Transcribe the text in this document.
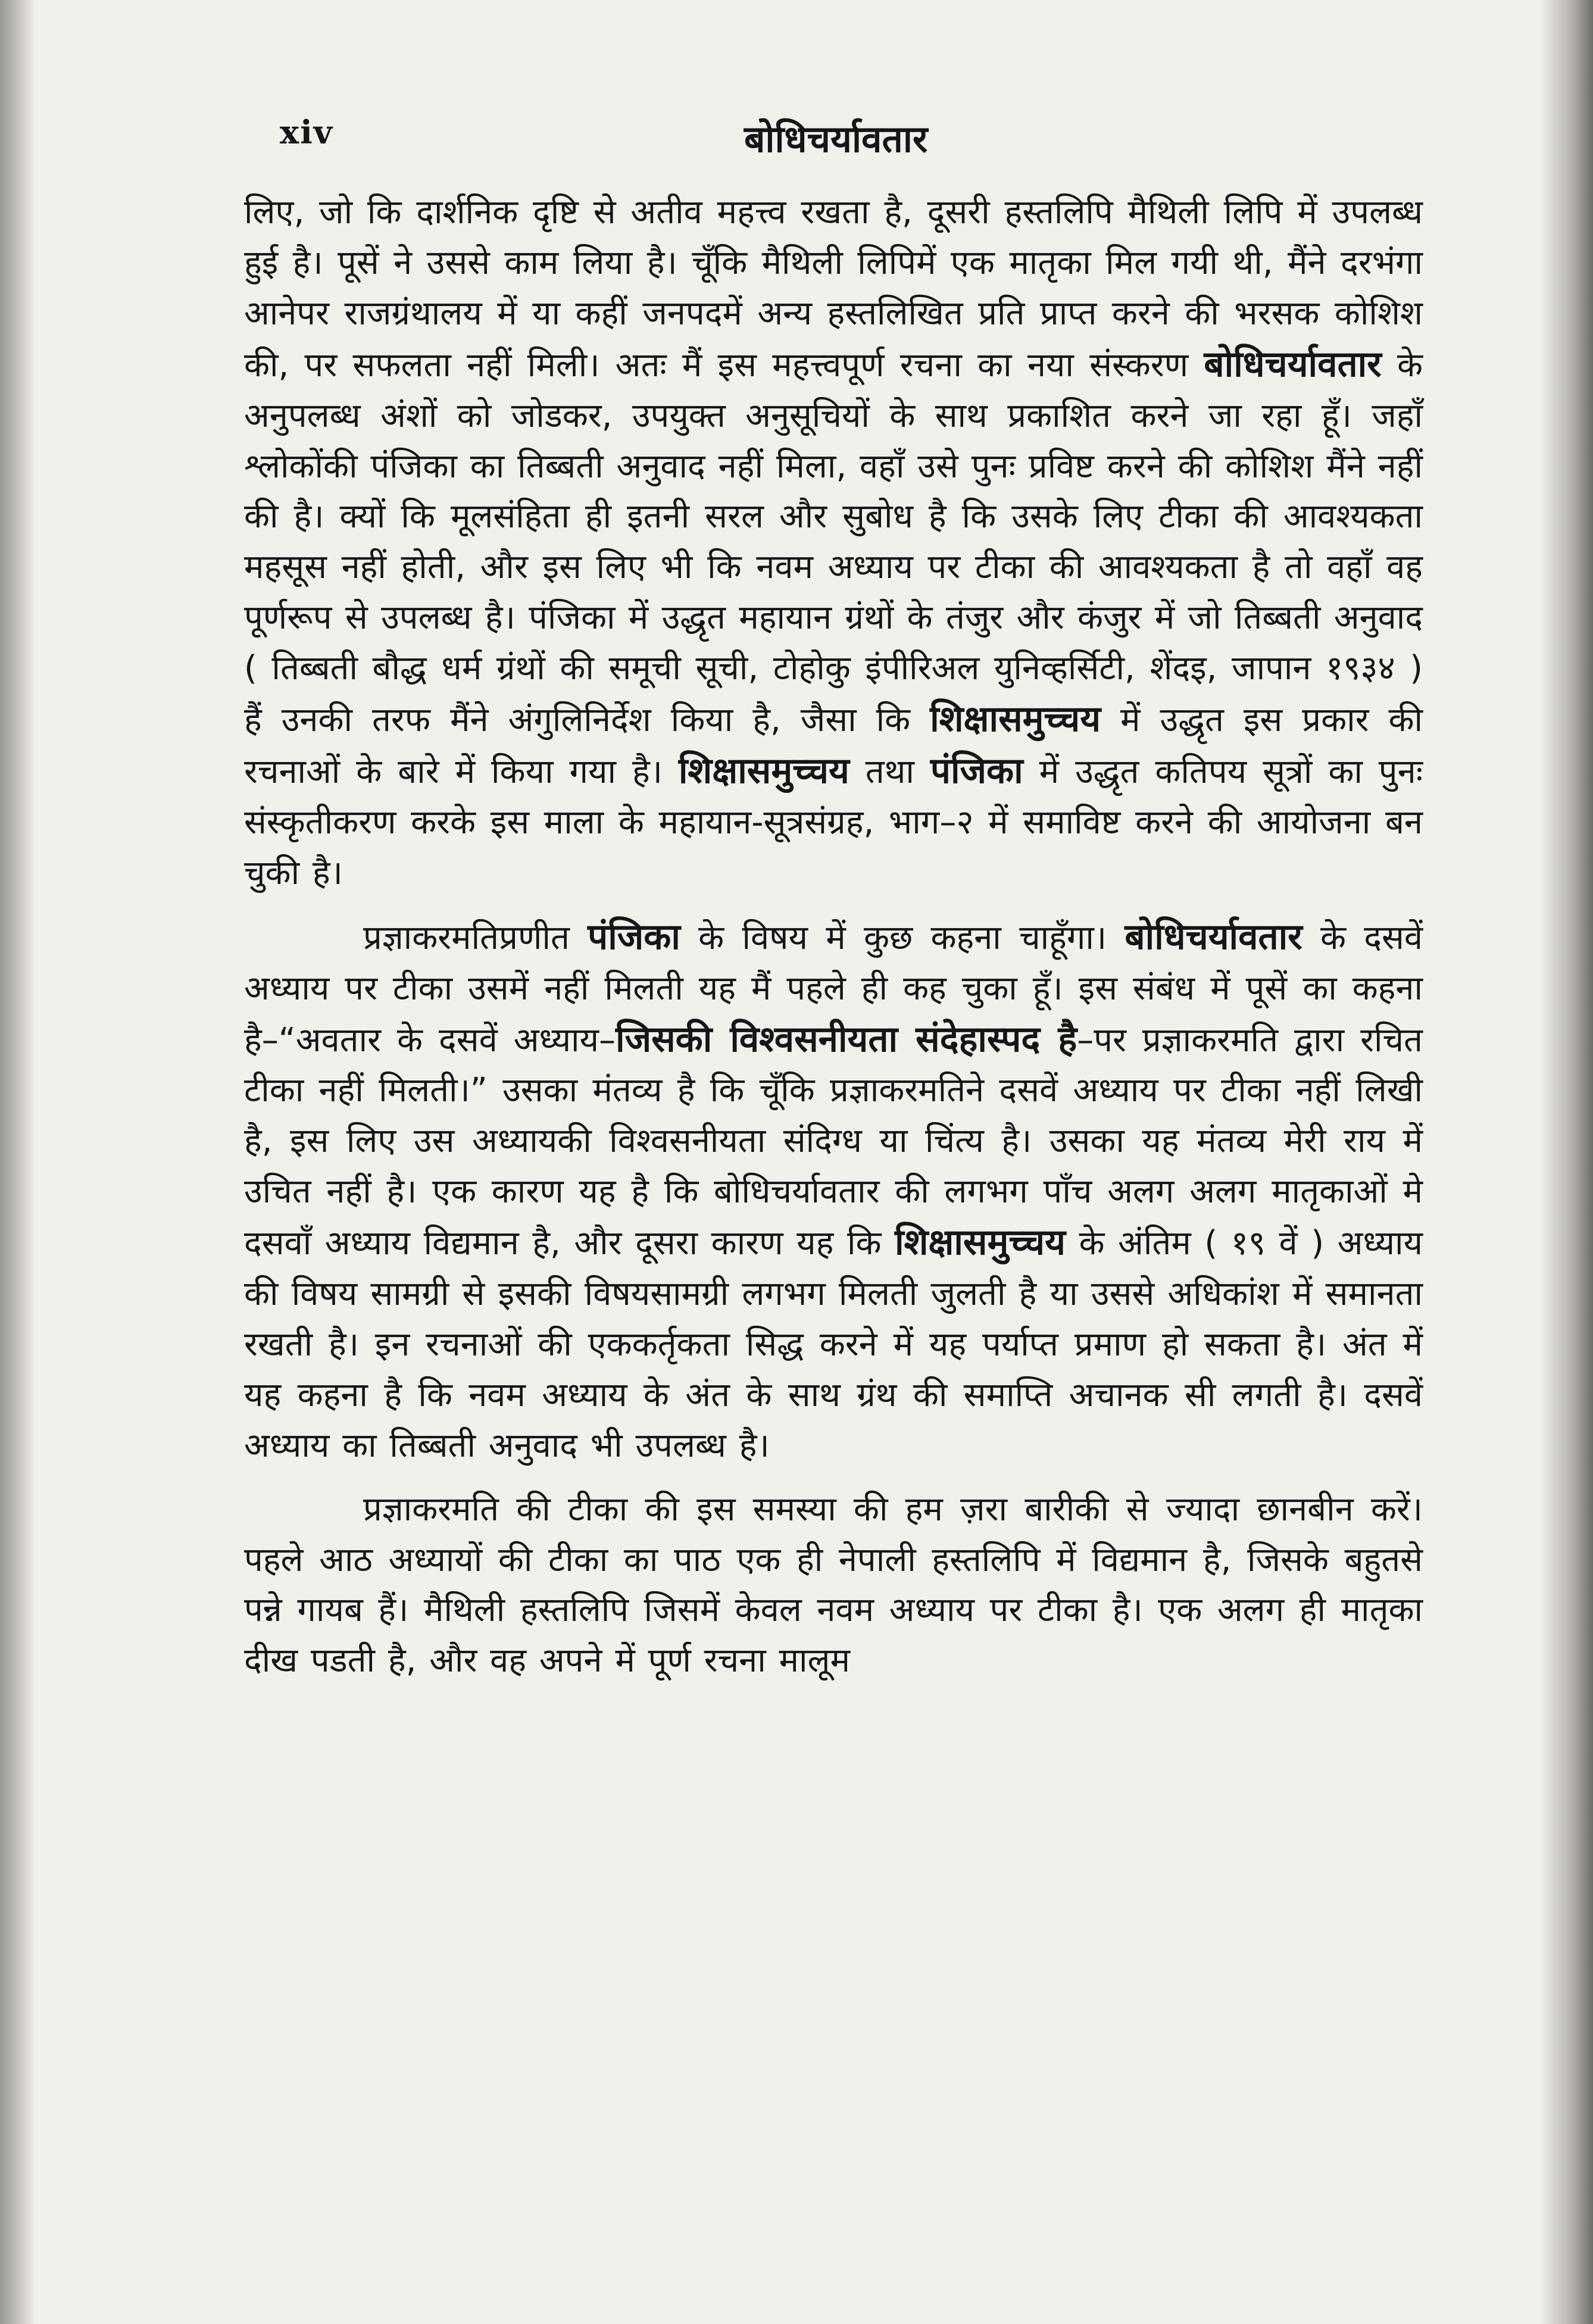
xiv	बोधिचर्यावतार

लिए, जो कि दार्शनिक दृष्टि से अतीव महत्त्व रखता है, दूसरी हस्तलिपि मैथिली लिपि में उपलब्ध हुई है। पूसें ने उससे काम लिया है। चूँकि मैथिली लिपिमें एक मातृका मिल गयी थी, मैंने दरभंगा आनेपर राजग्रंथालय में या कहीं जनपदमें अन्य हस्तलिखित प्रति प्राप्त करने की भरसक कोशिश की, पर सफलता नहीं मिली। अतः मैं इस महत्त्वपूर्ण रचना का नया संस्करण बोधिचर्यावतार के अनुपलब्ध अंशों को जोडकर, उपयुक्त अनुसूचियों के साथ प्रकाशित करने जा रहा हूँ। जहाँ श्लोकोंकी पंजिका का तिब्बती अनुवाद नहीं मिला, वहाँ उसे पुनः प्रविष्ट करने की कोशिश मैंने नहीं की है। क्यों कि मूलसंहिता ही इतनी सरल और सुबोध है कि उसके लिए टीका की आवश्यकता महसूस नहीं होती, और इस लिए भी कि नवम अध्याय पर टीका की आवश्यकता है तो वहाँ वह पूर्णरूप से उपलब्ध है। पंजिका में उद्धृत महायान ग्रंथों के तंजुर और कंजुर में जो तिब्बती अनुवाद ( तिब्बती बौद्ध धर्म ग्रंथों की समूची सूची, टोहोकु इंपीरिअल युनिव्हर्सिटी, शेंदइ, जापान १९३४ ) हैं उनकी तरफ मैंने अंगुलिनिर्देश किया है, जैसा कि शिक्षासमुच्चय में उद्धृत इस प्रकार की रचनाओं के बारे में किया गया है। शिक्षासमुच्चय तथा पंजिका में उद्धृत कतिपय सूत्रों का पुनः संस्कृतीकरण करके इस माला के महायान-सूत्रसंग्रह, भाग–२ में समाविष्ट करने की आयोजना बन चुकी है।

प्रज्ञाकरमतिप्रणीत पंजिका के विषय में कुछ कहना चाहूँगा। बोधिचर्यावतार के दसवें अध्याय पर टीका उसमें नहीं मिलती यह मैं पहले ही कह चुका हूँ। इस संबंध में पूसें का कहना है–“अवतार के दसवें अध्याय–जिसकी विश्वसनीयता संदेहास्पद है–पर प्रज्ञाकरमति द्वारा रचित टीका नहीं मिलती।” उसका मंतव्य है कि चूँकि प्रज्ञाकरमतिने दसवें अध्याय पर टीका नहीं लिखी है, इस लिए उस अध्यायकी विश्वसनीयता संदिग्ध या चिंत्य है। उसका यह मंतव्य मेरी राय में उचित नहीं है। एक कारण यह है कि बोधिचर्यावतार की लगभग पाँच अलग अलग मातृकाओं मे दसवाँ अध्याय विद्यमान है, और दूसरा कारण यह कि शिक्षासमुच्चय के अंतिम ( १९ वें ) अध्याय की विषय सामग्री से इसकी विषयसामग्री लगभग मिलती जुलती है या उससे अधिकांश में समानता रखती है। इन रचनाओं की एककर्तृकता सिद्ध करने में यह पर्याप्त प्रमाण हो सकता है। अंत में यह कहना है कि नवम अध्याय के अंत के साथ ग्रंथ की समाप्ति अचानक सी लगती है। दसवें अध्याय का तिब्बती अनुवाद भी उपलब्ध है।

प्रज्ञाकरमति की टीका की इस समस्या की हम ज़रा बारीकी से ज्यादा छानबीन करें। पहले आठ अध्यायों की टीका का पाठ एक ही नेपाली हस्तलिपि में विद्यमान है, जिसके बहुतसे पन्ने गायब हैं। मैथिली हस्तलिपि जिसमें केवल नवम अध्याय पर टीका है। एक अलग ही मातृका दीख पडती है, और वह अपने में पूर्ण रचना मालूम
